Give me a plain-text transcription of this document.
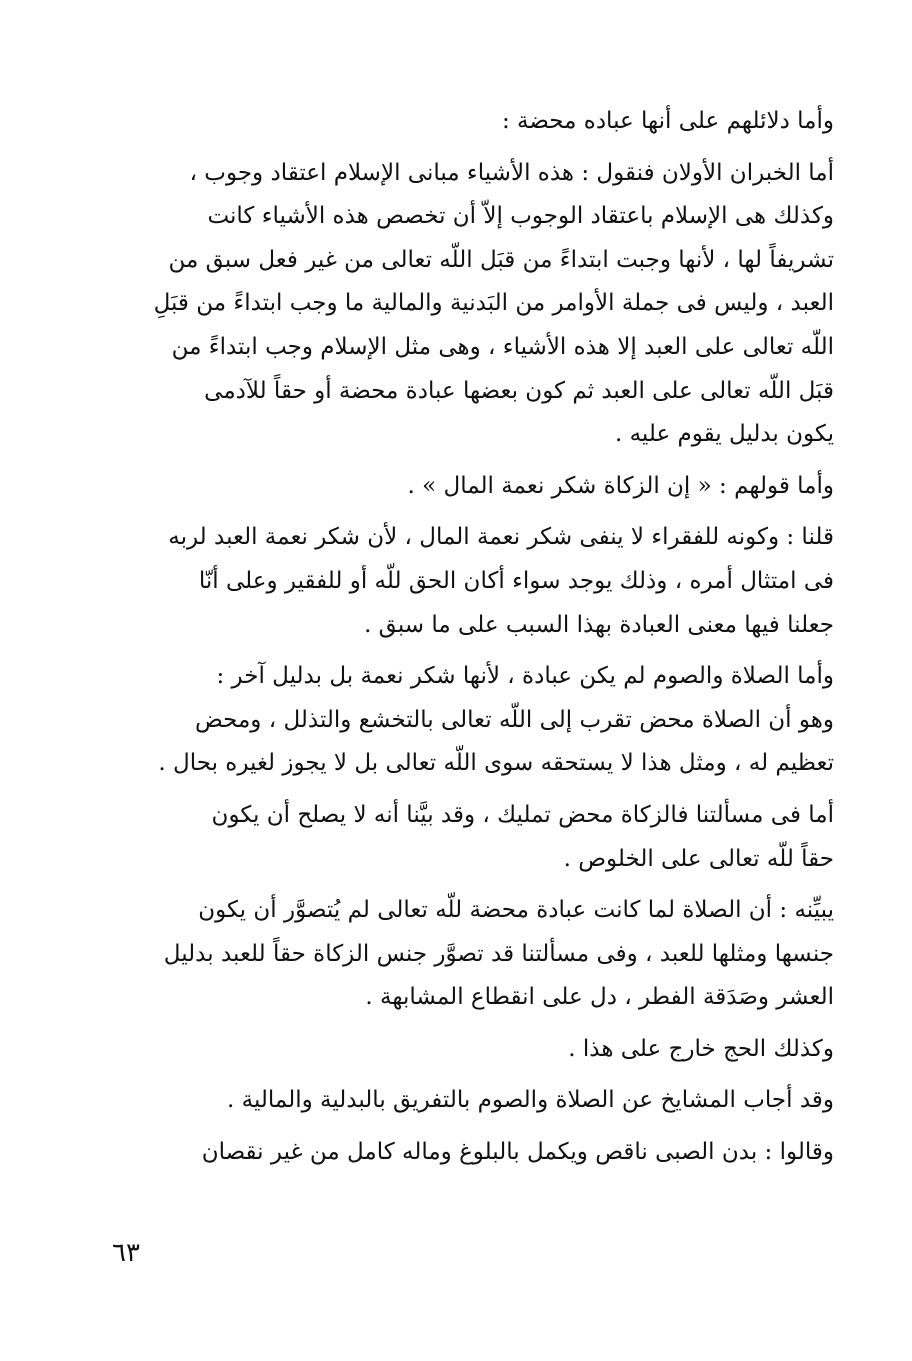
وأما دلائلهم على أنها عباده محضة :
أما الخبران الأولان فنقول : هذه الأشياء مبانى الإسلام اعتقاد وجوب ،
وكذلك هى الإسلام باعتقاد الوجوب إلاّ أن تخصص هذه الأشياء كانت
تشريفاً لها ، لأنها وجبت ابتداءً من قبَل اللّه تعالى من غير فعل سبق من
العبد ، وليس فى جملة الأوامر من البَدنية والمالية ما وجب ابتداءً من قبَلِ
اللّه تعالى على العبد إلا هذه الأشياء ، وهى مثل الإسلام وجب ابتداءً من
قبَل اللّه تعالى على العبد ثم كون بعضها عبادة محضة أو حقاً للآدمى
يكون بدليل يقوم عليه .
وأما قولهم : « إن الزكاة شكر نعمة المال » .
قلنا : وكونه للفقراء لا ينفى شكر نعمة المال ، لأن شكر نعمة العبد لربه
فى امتثال أمره ، وذلك يوجد سواء أكان الحق للّه أو للفقير وعلى أنّا
جعلنا فيها معنى العبادة بهذا السبب على ما سبق .
وأما الصلاة والصوم لم يكن عبادة ، لأنها شكر نعمة بل بدليل آخر :
وهو أن الصلاة محض تقرب إلى اللّه تعالى بالتخشع والتذلل ، ومحض
تعظيم له ، ومثل هذا لا يستحقه سوى اللّه تعالى بل لا يجوز لغيره بحال .
أما فى مسألتنا فالزكاة محض تمليك ، وقد بيَّنا أنه لا يصلح أن يكون
حقاً للّه تعالى على الخلوص .
يبيِّنه : أن الصلاة لما كانت عبادة محضة للّه تعالى لم يُتصوَّر أن يكون
جنسها ومثلها للعبد ، وفى مسألتنا قد تصوَّر جنس الزكاة حقاً للعبد بدليل
العشر وصَدَقة الفطر ، دل على انقطاع المشابهة .
وكذلك الحج خارج على هذا .
وقد أجاب المشايخ عن الصلاة والصوم بالتفريق بالبدلية والمالية .
وقالوا : بدن الصبى ناقص ويكمل بالبلوغ وماله كامل من غير نقصان
٦٣
